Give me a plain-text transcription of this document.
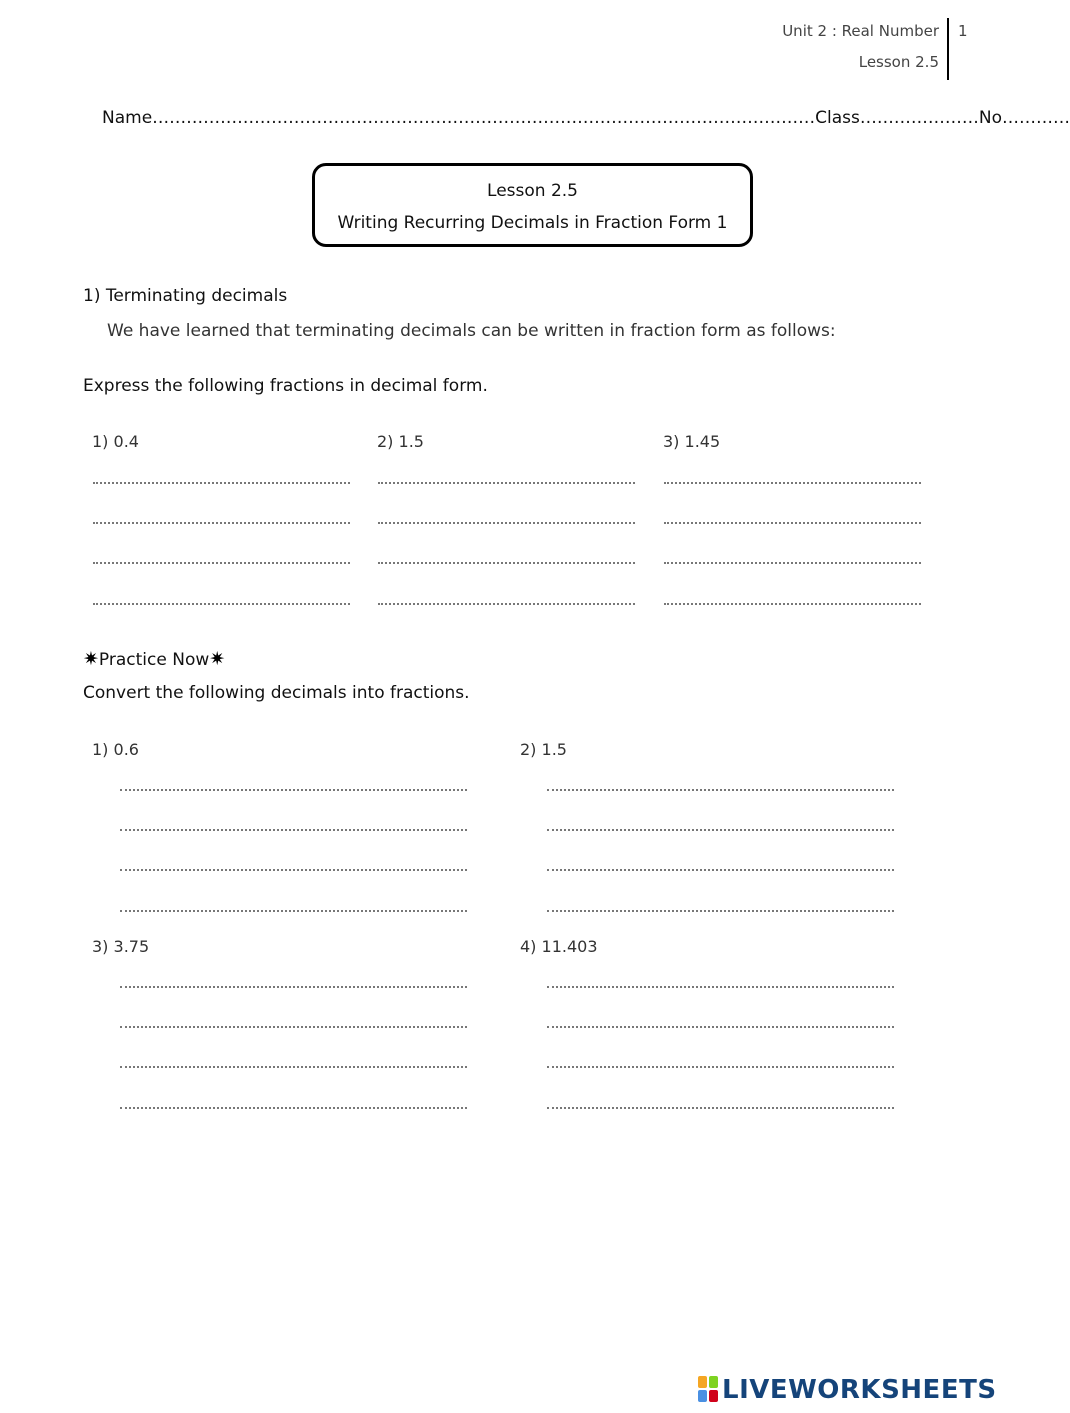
Unit 2 : Real Number
Lesson 2.5
1
Name………………………………………………………………………………………………………Class…………………No…………
Lesson 2.5
Writing Recurring Decimals in Fraction Form 1
1) Terminating decimals
We have learned that terminating decimals can be written in fraction form as follows:
Express the following fractions in decimal form.
1) 0.4	2) 1.5	3) 1.45
✷Practice Now✷
Convert the following decimals into fractions.
1) 0.6	2) 1.5
3) 3.75	4) 11.403
LIVEWORKSHEETS
